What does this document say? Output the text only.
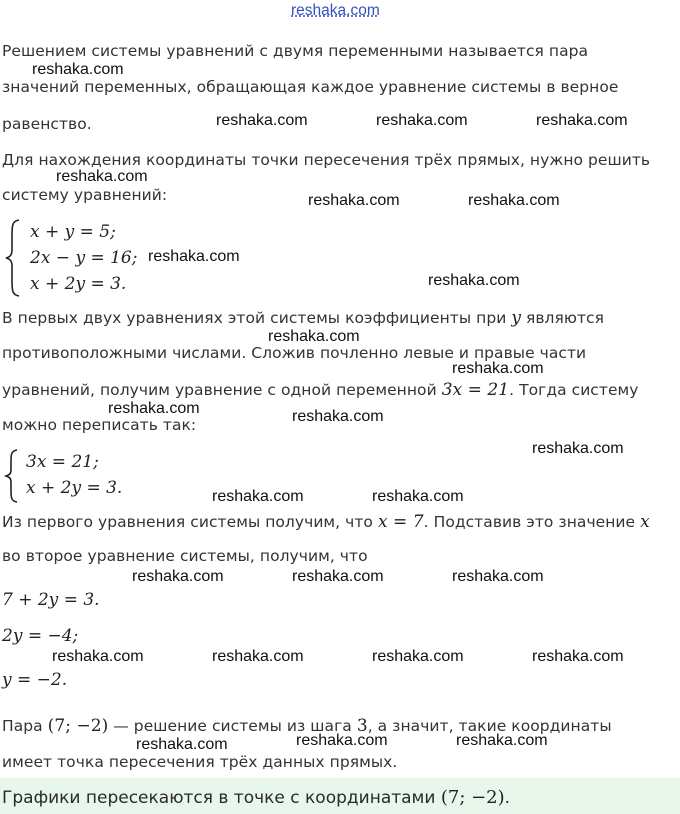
reshaka.com
Решением системы уравнений с двумя переменными называется пара
значений переменных, обращающая каждое уравнение системы в верное
равенство.
Для нахождения координаты точки пересечения трёх прямых, нужно решить
систему уравнений:
x + y = 5;
2x − y = 16;
x + 2y = 3.
В первых двух уравнениях этой системы коэффициенты при y являются
противоположными числами. Сложив почленно левые и правые части
уравнений, получим уравнение с одной переменной 3x = 21. Тогда систему
можно переписать так:
3x = 21;
x + 2y = 3.
Из первого уравнения системы получим, что x = 7. Подставив это значение x
во второе уравнение системы, получим, что
7 + 2y = 3.
2y = −4;
y = −2.
Пара (7; −2) — решение системы из шага 3, а значит, такие координаты
имеет точка пересечения трёх данных прямых.
Графики пересекаются в точке с координатами (7; −2).
reshaka.com
reshaka.com	reshaka.com	reshaka.com
reshaka.com
reshaka.com	reshaka.com
reshaka.com
reshaka.com
reshaka.com
reshaka.com
reshaka.com	reshaka.com
reshaka.com
reshaka.com	reshaka.com
reshaka.com	reshaka.com	reshaka.com
reshaka.com	reshaka.com	reshaka.com	reshaka.com
reshaka.com	reshaka.com	reshaka.com
